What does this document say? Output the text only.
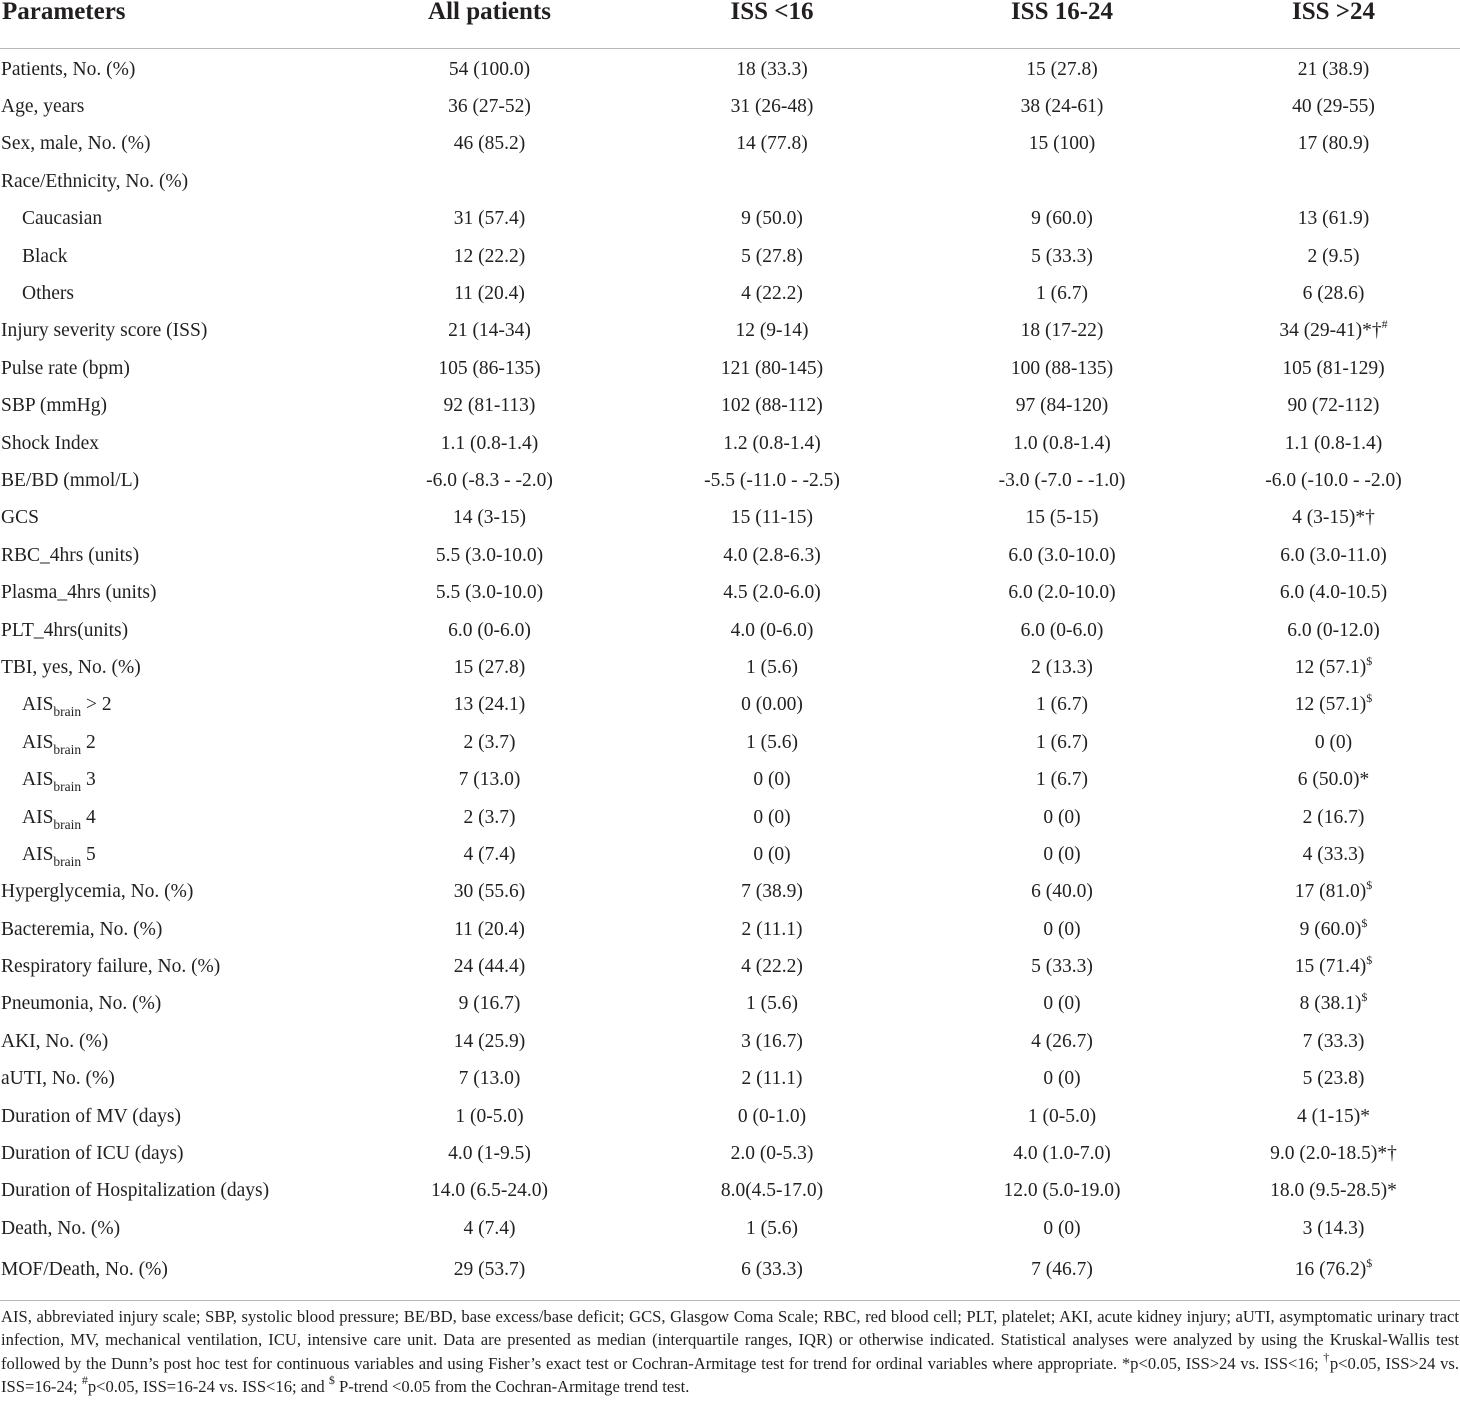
Parameters	All patients	ISS <16	ISS 16-24	ISS >24
Patients, No. (%)	54 (100.0)	18 (33.3)	15 (27.8)	21 (38.9)
Age, years	36 (27-52)	31 (26-48)	38 (24-61)	40 (29-55)
Sex, male, No. (%)	46 (85.2)	14 (77.8)	15 (100)	17 (80.9)
Race/Ethnicity, No. (%)				
Caucasian	31 (57.4)	9 (50.0)	9 (60.0)	13 (61.9)
Black	12 (22.2)	5 (27.8)	5 (33.3)	2 (9.5)
Others	11 (20.4)	4 (22.2)	1 (6.7)	6 (28.6)
Injury severity score (ISS)	21 (14-34)	12 (9-14)	18 (17-22)	34 (29-41)*†#
Pulse rate (bpm)	105 (86-135)	121 (80-145)	100 (88-135)	105 (81-129)
SBP (mmHg)	92 (81-113)	102 (88-112)	97 (84-120)	90 (72-112)
Shock Index	1.1 (0.8-1.4)	1.2 (0.8-1.4)	1.0 (0.8-1.4)	1.1 (0.8-1.4)
BE/BD (mmol/L)	-6.0 (-8.3 - -2.0)	-5.5 (-11.0 - -2.5)	-3.0 (-7.0 - -1.0)	-6.0 (-10.0 - -2.0)
GCS	14 (3-15)	15 (11-15)	15 (5-15)	4 (3-15)*†
RBC_4hrs (units)	5.5 (3.0-10.0)	4.0 (2.8-6.3)	6.0 (3.0-10.0)	6.0 (3.0-11.0)
Plasma_4hrs (units)	5.5 (3.0-10.0)	4.5 (2.0-6.0)	6.0 (2.0-10.0)	6.0 (4.0-10.5)
PLT_4hrs(units)	6.0 (0-6.0)	4.0 (0-6.0)	6.0 (0-6.0)	6.0 (0-12.0)
TBI, yes, No. (%)	15 (27.8)	1 (5.6)	2 (13.3)	12 (57.1)$
$AIS_{brain} > 2$	13 (24.1)	0 (0.00)	1 (6.7)	12 (57.1)$
$AIS_{brain}$ 2	2 (3.7)	1 (5.6)	1 (6.7)	0 (0)
$AIS_{brain}$ 3	7 (13.0)	0 (0)	1 (6.7)	6 (50.0)*
$AIS_{brain}$ 4	2 (3.7)	0 (0)	0 (0)	2 (16.7)
$AIS_{brain}$ 5	4 (7.4)	0 (0)	0 (0)	4 (33.3)
Hyperglycemia, No. (%)	30 (55.6)	7 (38.9)	6 (40.0)	17 (81.0)$
Bacteremia, No. (%)	11 (20.4)	2 (11.1)	0 (0)	9 (60.0)$
Respiratory failure, No. (%)	24 (44.4)	4 (22.2)	5 (33.3)	15 (71.4)$
Pneumonia, No. (%)	9 (16.7)	1 (5.6)	0 (0)	8 (38.1)$
AKI, No. (%)	14 (25.9)	3 (16.7)	4 (26.7)	7 (33.3)
aUTI, No. (%)	7 (13.0)	2 (11.1)	0 (0)	5 (23.8)
Duration of MV (days)	1 (0-5.0)	0 (0-1.0)	1 (0-5.0)	4 (1-15)*
Duration of ICU (days)	4.0 (1-9.5)	2.0 (0-5.3)	4.0 (1.0-7.0)	9.0 (2.0-18.5)*†
Duration of Hospitalization (days)	14.0 (6.5-24.0)	8.0(4.5-17.0)	12.0 (5.0-19.0)	18.0 (9.5-28.5)*
Death, No. (%)	4 (7.4)	1 (5.6)	0 (0)	3 (14.3)
MOF/Death, No. (%)	29 (53.7)	6 (33.3)	7 (46.7)	16 (76.2)$

AIS, abbreviated injury scale; SBP, systolic blood pressure; BE/BD, base excess/base deficit; GCS, Glasgow Coma Scale; RBC, red blood cell; PLT, platelet; AKI, acute kidney injury; aUTI, asymptomatic urinary tract infection, MV, mechanical ventilation, ICU, intensive care unit. Data are presented as median (interquartile ranges, IQR) or otherwise indicated. Statistical analyses were analyzed by using the Kruskal-Wallis test followed by the Dunn’s post hoc test for continuous variables and using Fisher’s exact test or Cochran-Armitage test for trend for ordinal variables where appropriate. *p<0.05, ISS>24 vs. ISS<16; †p<0.05, ISS>24 vs. ISS=16-24; #p<0.05, ISS=16-24 vs. ISS<16; and $ P-trend <0.05 from the Cochran-Armitage trend test.
